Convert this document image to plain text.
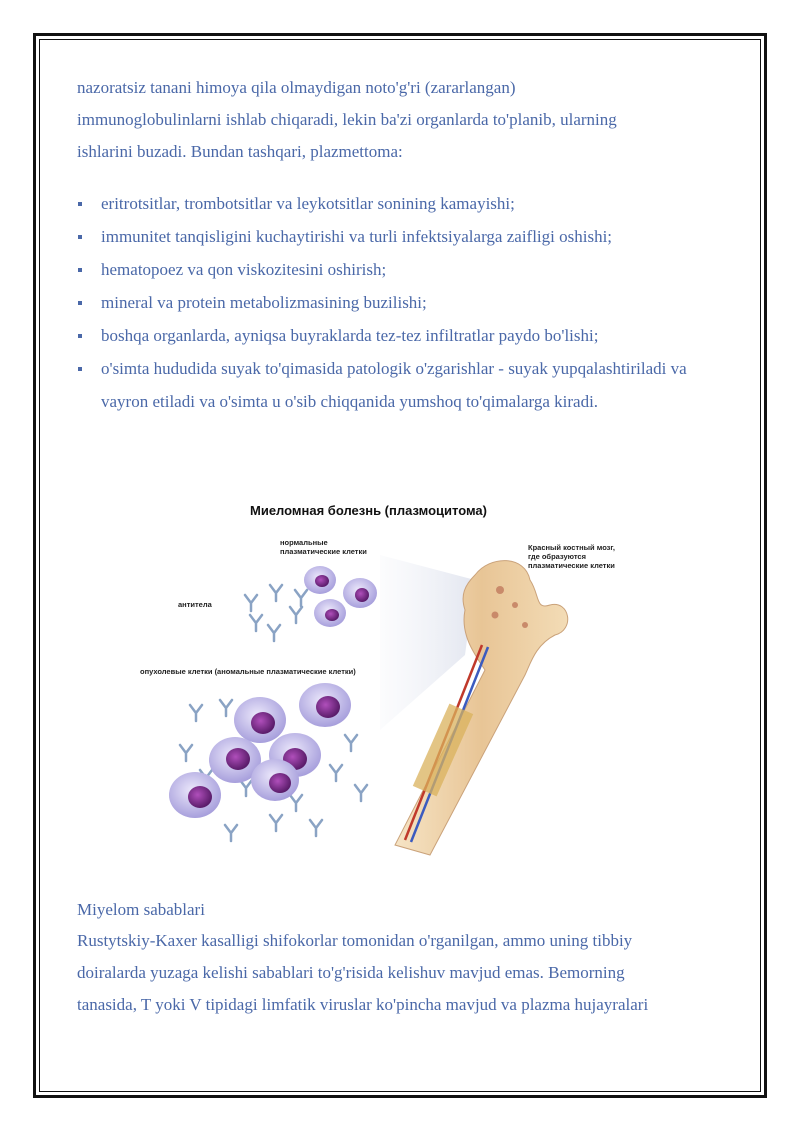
nazoratsiz tanani himoya qila olmaydigan noto'g'ri (zararlangan)
immunoglobulinlarni ishlab chiqaradi, lekin ba'zi organlarda to'planib, ularning
ishlarini buzadi. Bundan tashqari, plazmettoma:
eritrotsitlar, trombotsitlar va leykotsitlar sonining kamayishi;
immunitet tanqisligini kuchaytirishi va turli infektsiyalarga zaifligi oshishi;
hematopoez va qon viskozitesini oshirish;
mineral va protein metabolizmasining buzilishi;
boshqa organlarda, ayniqsa buyraklarda tez-tez infiltratlar paydo bo'lishi;
o'simta hududida suyak to'qimasida patologik o'zgarishlar - suyak yupqalashtiriladi va vayron etiladi va o'simta u o'sib chiqqanida yumshoq to'qimalarga kiradi.
Миеломная болезнь (плазмоцитома)
нормальные
плазматические клетки
антитела
опухолевые клетки (аномальные плазматические клетки)
Красный костный мозг,
где образуются
плазматические клетки
Miyelom sabablari
Rustytskiy-Kaxer kasalligi shifokorlar tomonidan o'rganilgan, ammo uning tibbiy
doiralarda yuzaga kelishi sabablari to'g'risida kelishuv mavjud emas. Bemorning
tanasida, T yoki V tipidagi limfatik viruslar ko'pincha mavjud va plazma hujayralari
